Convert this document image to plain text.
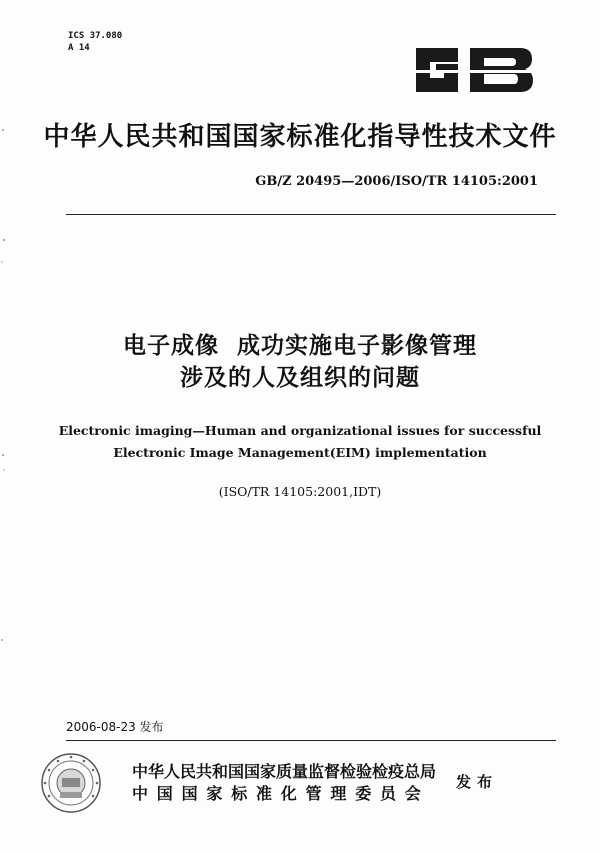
ICS 37.080
A 14
中华人民共和国国家标准化指导性技术文件
GB/Z 20495—2006/ISO/TR 14105:2001
电子成像 成功实施电子影像管理
涉及的人及组织的问题
Electronic imaging—Human and organizational issues for successful
Electronic Image Management(EIM) implementation
(ISO/TR 14105:2001,IDT)
2006-08-23 发布
中华人民共和国国家质量监督检验检疫总局
中国国家标准化管理委员会
发布
